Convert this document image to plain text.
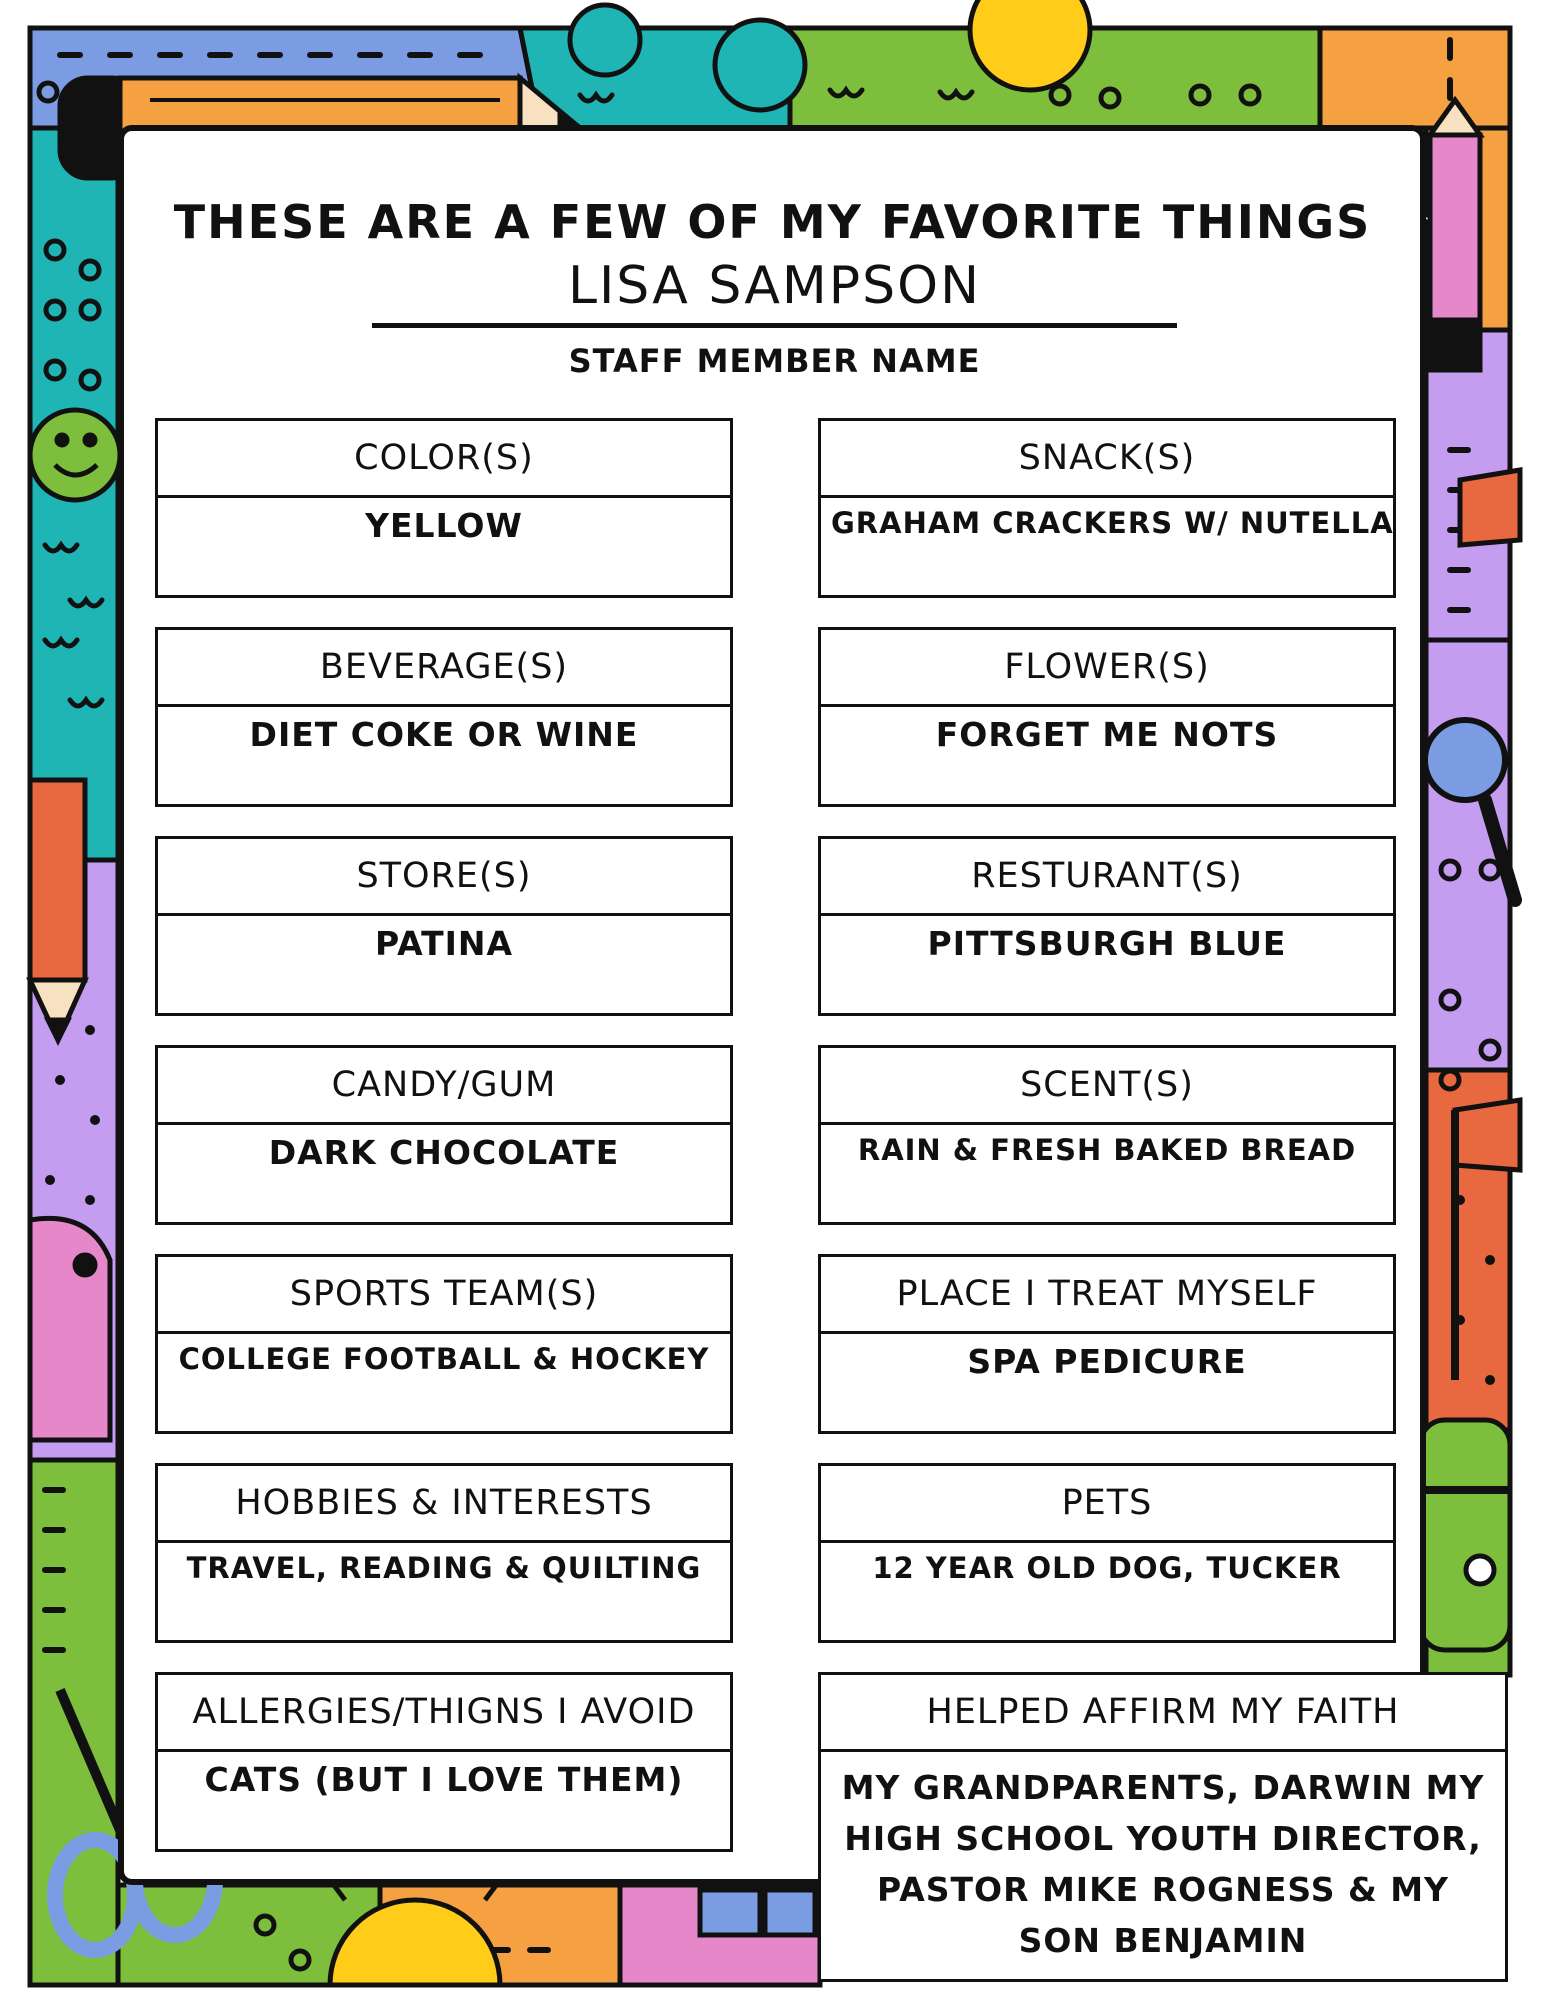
THESE ARE A FEW OF MY FAVORITE THINGS
LISA SAMPSON
STAFF MEMBER NAME
COLOR(S)
YELLOW
BEVERAGE(S)
DIET COKE OR WINE
STORE(S)
PATINA
CANDY/GUM
DARK CHOCOLATE
SPORTS TEAM(S)
COLLEGE FOOTBALL & HOCKEY
HOBBIES & INTERESTS
TRAVEL, READING & QUILTING
ALLERGIES/THIGNS I AVOID
CATS (BUT I LOVE THEM)
SNACK(S)
GRAHAM CRACKERS W/ NUTELLA
FLOWER(S)
FORGET ME NOTS
RESTURANT(S)
PITTSBURGH BLUE
SCENT(S)
RAIN & FRESH BAKED BREAD
PLACE I TREAT MYSELF
SPA PEDICURE
PETS
12 YEAR OLD DOG, TUCKER
HELPED AFFIRM MY FAITH
MY GRANDPARENTS, DARWIN MY HIGH SCHOOL YOUTH DIRECTOR, PASTOR MIKE ROGNESS & MY SON BENJAMIN
